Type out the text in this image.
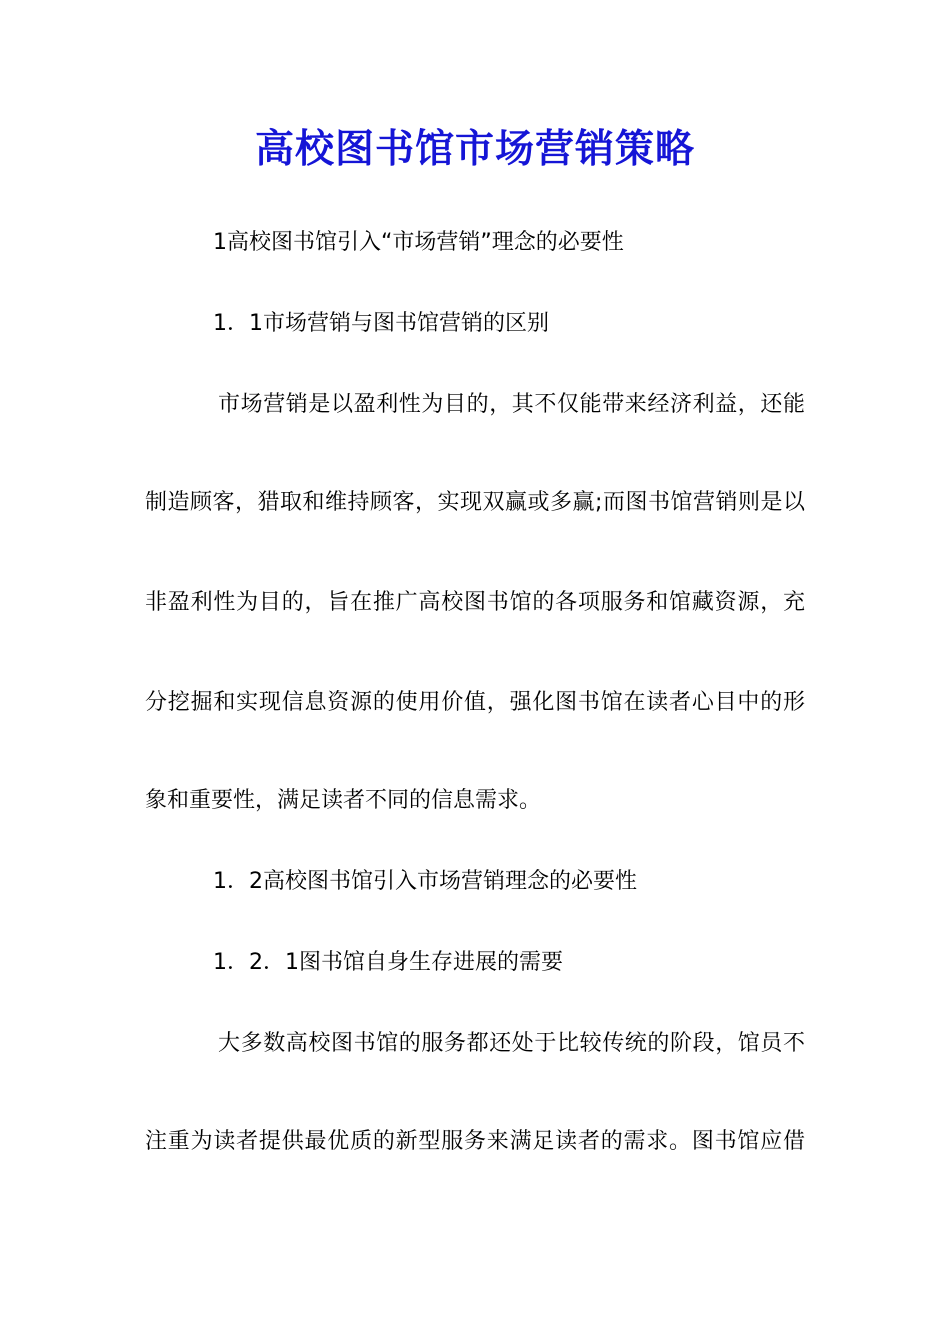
高校图书馆市场营销策略
1高校图书馆引入“市场营销”理念的必要性
1．1市场营销与图书馆营销的区别
市场营销是以盈利性为目的，其不仅能带来经济利益，还能
制造顾客，猎取和维持顾客，实现双赢或多赢;而图书馆营销则是以
非盈利性为目的，旨在推广高校图书馆的各项服务和馆藏资源，充
分挖掘和实现信息资源的使用价值，强化图书馆在读者心目中的形
象和重要性，满足读者不同的信息需求。
1．2高校图书馆引入市场营销理念的必要性
1．2．1图书馆自身生存进展的需要
大多数高校图书馆的服务都还处于比较传统的阶段，馆员不
注重为读者提供最优质的新型服务来满足读者的需求。图书馆应借
